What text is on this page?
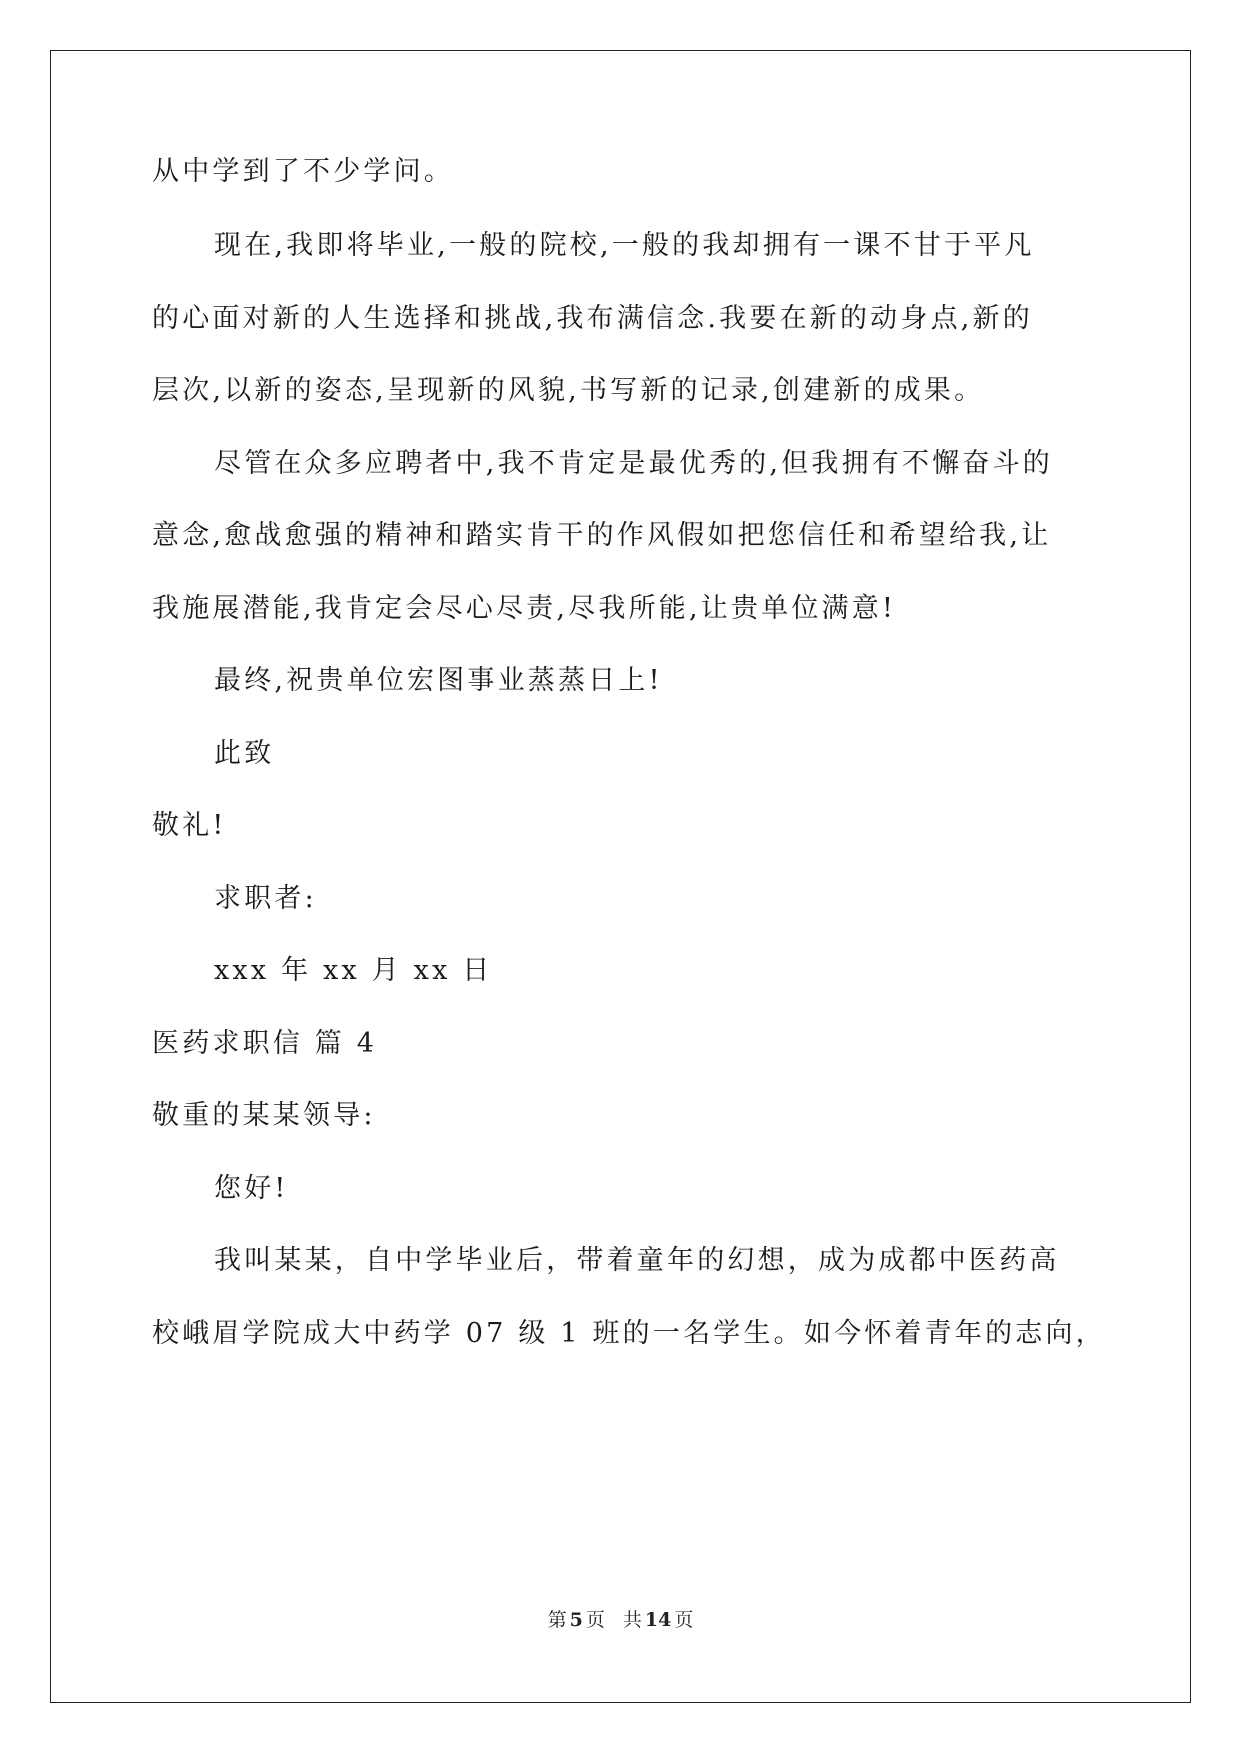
从中学到了不少学问。
现在,我即将毕业,一般的院校,一般的我却拥有一课不甘于平凡
的心面对新的人生选择和挑战,我布满信念.我要在新的动身点,新的
层次,以新的姿态,呈现新的风貌,书写新的记录,创建新的成果。
尽管在众多应聘者中,我不肯定是最优秀的,但我拥有不懈奋斗的
意念,愈战愈强的精神和踏实肯干的作风假如把您信任和希望给我,让
我施展潜能,我肯定会尽心尽责,尽我所能,让贵单位满意!
最终,祝贵单位宏图事业蒸蒸日上!
此致
敬礼!
求职者:
xxx 年 xx 月 xx 日
医药求职信 篇 4
敬重的某某领导:
您好!
我叫某某，自中学毕业后，带着童年的幻想，成为成都中医药高
校峨眉学院成大中药学 07 级 1 班的一名学生。如今怀着青年的志向，
第 5 页 共 14 页
